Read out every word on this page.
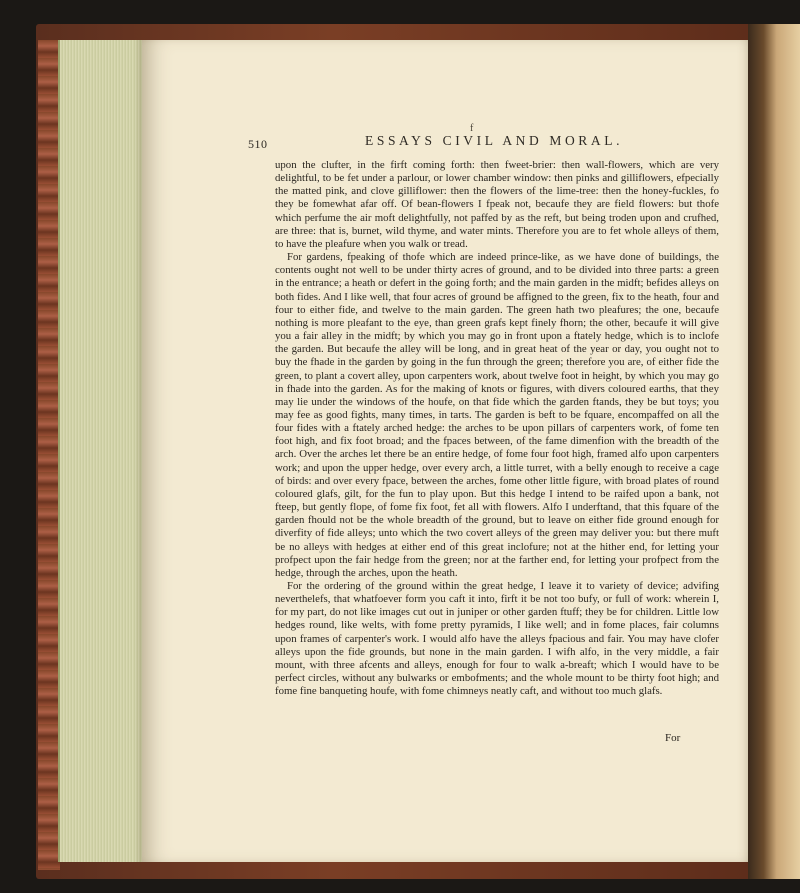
f
510	ESSAYS CIVIL AND MORAL.

upon the clufter, in the firft coming forth: then fweet-brier: then wall-flowers, which are very delightful, to be fet under a parlour, or lower chamber window: then pinks and gilliflowers, efpecially the matted pink, and clove gilliflower: then the flowers of the lime-tree: then the honey-fuckles, fo they be fomewhat afar off. Of bean-flowers I fpeak not, becaufe they are field flowers: but thofe which perfume the air moft delightfully, not paffed by as the reft, but being troden upon and crufhed, are three: that is, burnet, wild thyme, and water mints. Therefore you are to fet whole alleys of them, to have the pleafure when you walk or tread.

For gardens, fpeaking of thofe which are indeed prince-like, as we have done of buildings, the contents ought not well to be under thirty acres of ground, and to be divided into three parts: a green in the entrance; a heath or defert in the going forth; and the main garden in the midft; befides alleys on both fides. And I like well, that four acres of ground be affigned to the green, fix to the heath, four and four to either fide, and twelve to the main garden. The green hath two pleafures; the one, becaufe nothing is more pleafant to the eye, than green grafs kept finely fhorn; the other, becaufe it will give you a fair alley in the midft; by which you may go in front upon a ftately hedge, which is to inclofe the garden. But becaufe the alley will be long, and in great heat of the year or day, you ought not to buy the fhade in the garden by going in the fun through the green; therefore you are, of either fide the green, to plant a covert alley, upon carpenters work, about twelve foot in height, by which you may go in fhade into the garden. As for the making of knots or figures, with divers coloured earths, that they may lie under the windows of the houfe, on that fide which the garden ftands, they be but toys; you may fee as good fights, many times, in tarts. The garden is beft to be fquare, encompaffed on all the four fides with a ftately arched hedge: the arches to be upon pillars of carpenters work, of fome ten foot high, and fix foot broad; and the fpaces between, of the fame dimenfion with the breadth of the arch. Over the arches let there be an entire hedge, of fome four foot high, framed alfo upon carpenters work; and upon the upper hedge, over every arch, a little turret, with a belly enough to receive a cage of birds: and over every fpace, between the arches, fome other little figure, with broad plates of round coloured glafs, gilt, for the fun to play upon. But this hedge I intend to be raifed upon a bank, not fteep, but gently flope, of fome fix foot, fet all with flowers. Alfo I underftand, that this fquare of the garden fhould not be the whole breadth of the ground, but to leave on either fide ground enough for diverfity of fide alleys; unto which the two covert alleys of the green may deliver you: but there muft be no alleys with hedges at either end of this great inclofure; not at the hither end, for letting your profpect upon the fair hedge from the green; nor at the farther end, for letting your profpect from the hedge, through the arches, upon the heath.

For the ordering of the ground within the great hedge, I leave it to variety of device; advifing neverthelefs, that whatfoever form you caft it into, firft it be not too bufy, or full of work: wherein I, for my part, do not like images cut out in juniper or other garden ftuff; they be for children. Little low hedges round, like welts, with fome pretty pyramids, I like well; and in fome places, fair columns upon frames of carpenter's work. I would alfo have the alleys fpacious and fair. You may have clofer alleys upon the fide grounds, but none in the main garden. I wifh alfo, in the very middle, a fair mount, with three afcents and alleys, enough for four to walk a-breaft; which I would have to be perfect circles, without any bulwarks or embofments; and the whole mount to be thirty foot high; and fome fine banqueting houfe, with fome chimneys neatly caft, and without too much glafs.

For
